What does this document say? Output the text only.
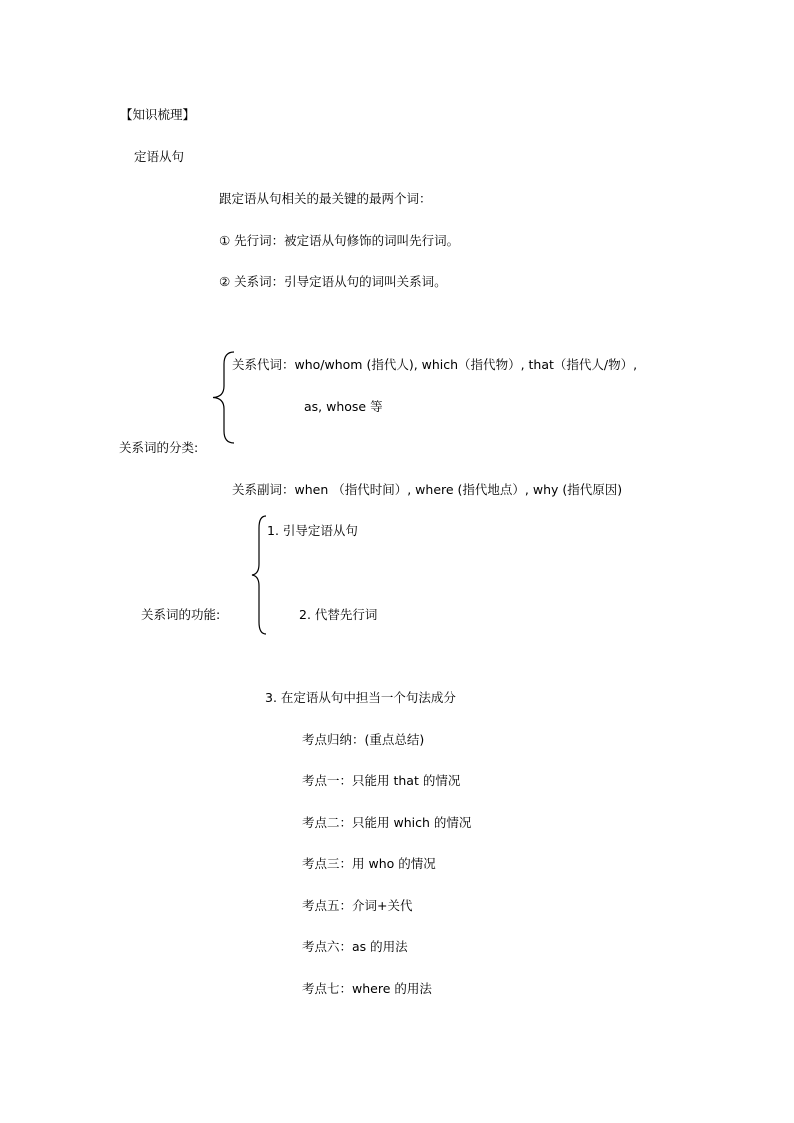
【知识梳理】
定语从句
跟定语从句相关的最关键的最两个词：
① 先行词：被定语从句修饰的词叫先行词。
② 关系词：引导定语从句的词叫关系词。
关系代词：who/whom (指代人), which（指代物）, that（指代人/物）,
as, whose 等
关系词的分类:
关系副词：when （指代时间）, where (指代地点）, why (指代原因)
1. 引导定语从句
关系词的功能:	2. 代替先行词
3. 在定语从句中担当一个句法成分
考点归纳：(重点总结)
考点一：只能用 that 的情况
考点二：只能用 which 的情况
考点三：用 who 的情况
考点五：介词+关代
考点六：as 的用法
考点七：where 的用法
